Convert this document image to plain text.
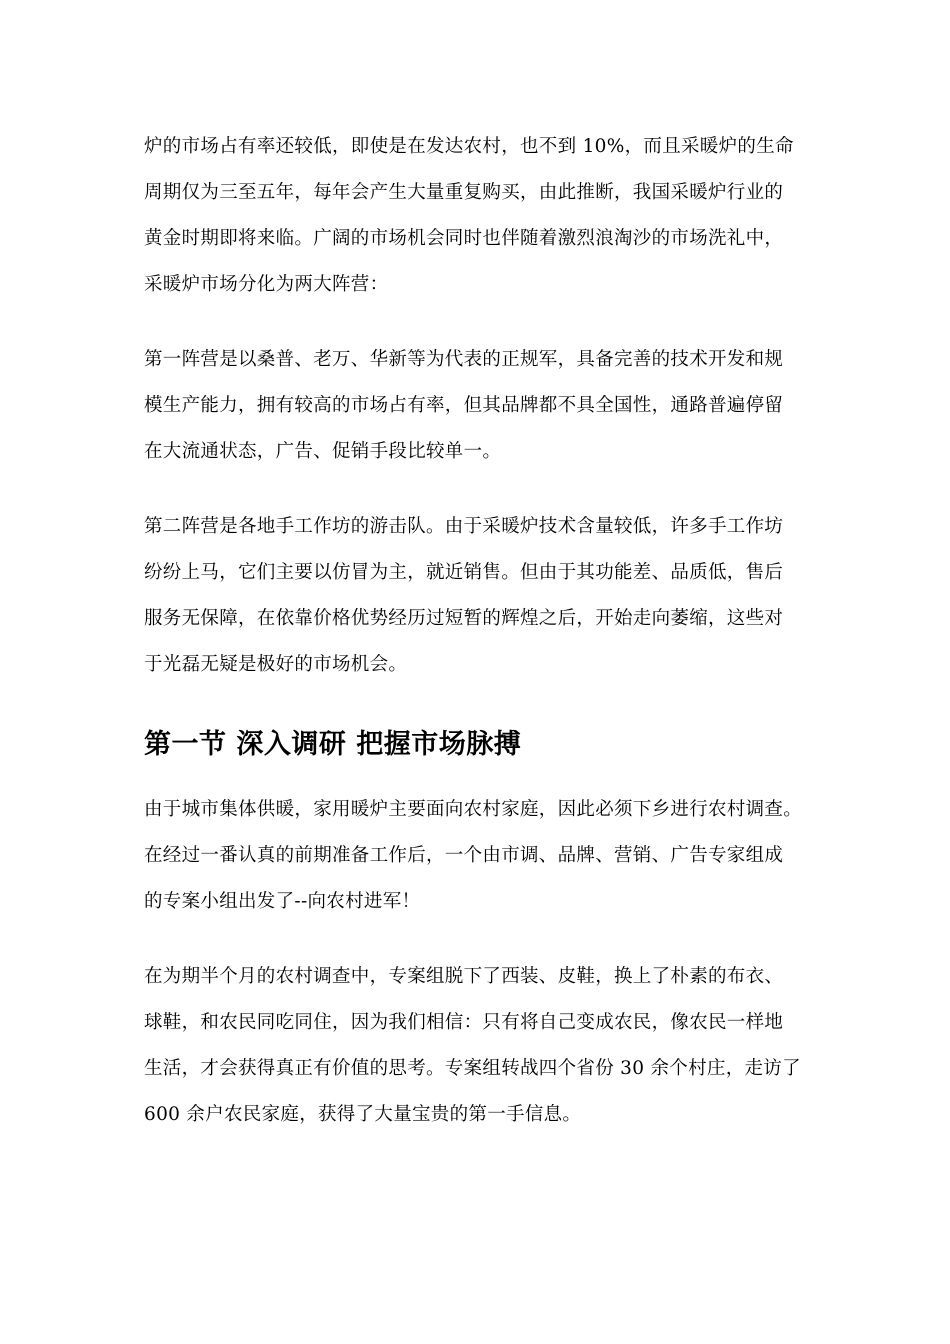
炉的市场占有率还较低，即使是在发达农村，也不到 10%，而且采暖炉的生命
周期仅为三至五年，每年会产生大量重复购买，由此推断，我国采暖炉行业的
黄金时期即将来临。广阔的市场机会同时也伴随着激烈浪淘沙的市场洗礼中，
采暖炉市场分化为两大阵营：
第一阵营是以桑普、老万、华新等为代表的正规军，具备完善的技术开发和规
模生产能力，拥有较高的市场占有率，但其品牌都不具全国性，通路普遍停留
在大流通状态，广告、促销手段比较单一。
第二阵营是各地手工作坊的游击队。由于采暖炉技术含量较低，许多手工作坊
纷纷上马，它们主要以仿冒为主，就近销售。但由于其功能差、品质低，售后
服务无保障，在依靠价格优势经历过短暂的辉煌之后，开始走向萎缩，这些对
于光磊无疑是极好的市场机会。
第一节 深入调研 把握市场脉搏
由于城市集体供暖，家用暖炉主要面向农村家庭，因此必须下乡进行农村调查。
在经过一番认真的前期准备工作后，一个由市调、品牌、营销、广告专家组成
的专案小组出发了--向农村进军！
在为期半个月的农村调查中，专案组脱下了西装、皮鞋，换上了朴素的布衣、
球鞋，和农民同吃同住，因为我们相信：只有将自己变成农民，像农民一样地
生活，才会获得真正有价值的思考。专案组转战四个省份 30 余个村庄，走访了
600 余户农民家庭，获得了大量宝贵的第一手信息。
